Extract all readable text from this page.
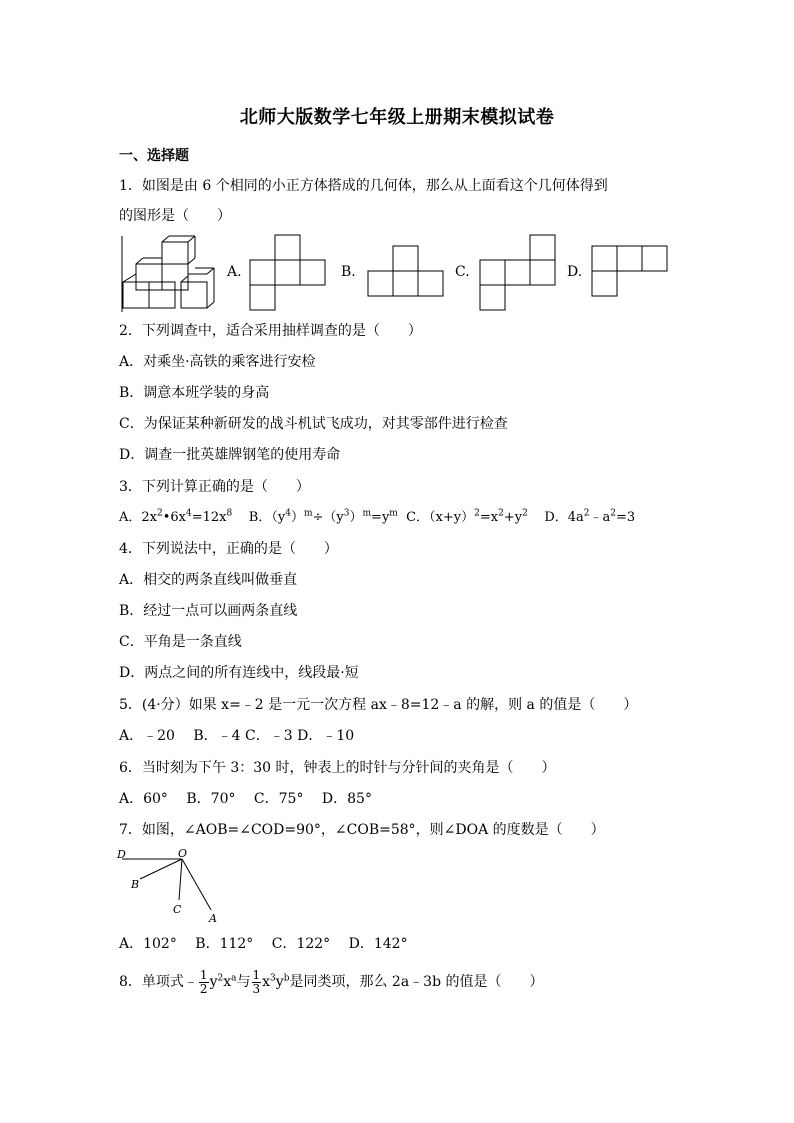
北师大版数学七年级上册期末模拟试卷
一、选择题
1．如图是由 6 个相同的小正方体搭成的几何体，那么从上面看这个几何体得到
的图形是（　　）
A.	B.	C.	D.
2．下列调查中，适合采用抽样调查的是（　　）
A．对乘坐·高铁的乘客进行安检
B．调意本班学装的身高
C．为保证某种新研发的战斗机试飞成功，对其零部件进行检查
D．调查一批英雄牌钢笔的使用寿命
3．下列计算正确的是（　　）
A．$2x^2•6x^4=12x^8$ B．$(y^4)^m\div(y^3)^m=y^m$ C．$(x+y)^2=x^2+y^2$ D．$4a^2﹣a^2=3$
4．下列说法中，正确的是（　　）
A．相交的两条直线叫做垂直
B．经过一点可以画两条直线
C．平角是一条直线
D．两点之间的所有连线中，线段最·短
5．(4·分）如果 x=﹣2 是一元一次方程 ax﹣8=12﹣a 的解，则 a 的值是（　　）
A．﹣20　 B．﹣4 C．﹣3 D．﹣10
6．当时刻为下午 3：30 时，钟表上的时针与分针间的夹角是（　　）
A．60°　 B．70°　 C．75°　 D．85°
7．如图，∠AOB=∠COD=90°，∠COB=58°，则∠DOA 的度数是（　　）
D	O
B
C
A
A．102°　 B．112°　 C．122°　 D．142°
8．单项式﹣ $\frac{1}{2} y^2x^a$与 $\frac{1}{3} x^3y^b$是同类项，那么 2a﹣3b 的值是（　　）
